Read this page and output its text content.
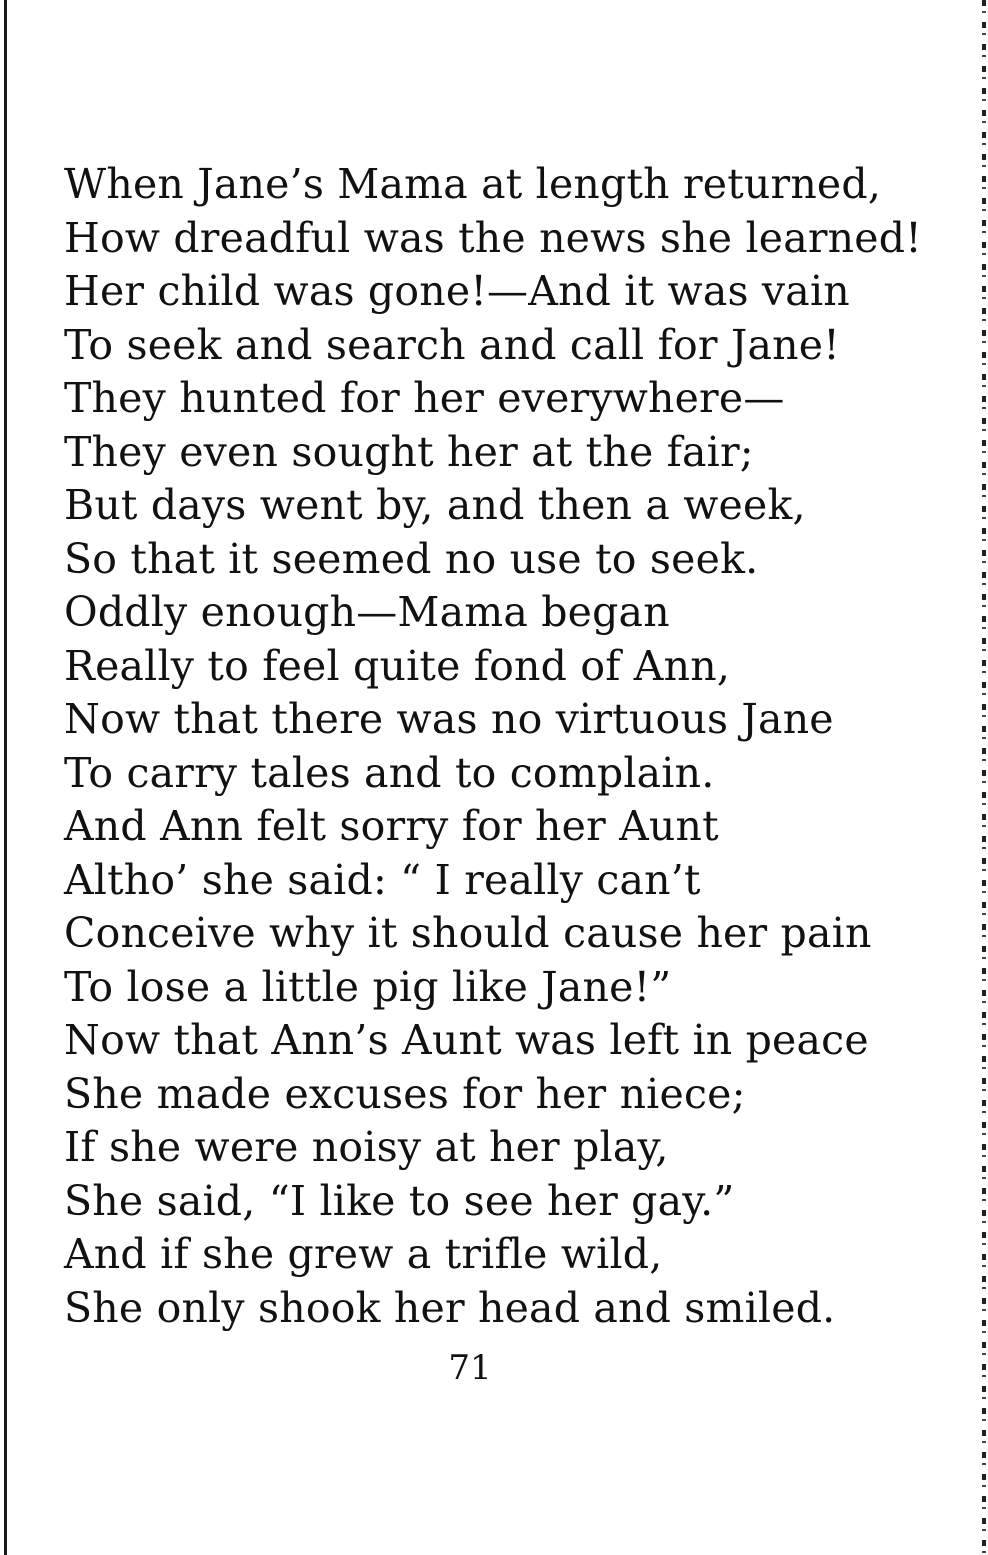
When Jane’s Mama at length returned,
How dreadful was the news she learned!
Her child was gone!—And it was vain
To seek and search and call for Jane!
They hunted for her everywhere—
They even sought her at the fair;
But days went by, and then a week,
So that it seemed no use to seek.
Oddly enough—Mama began
Really to feel quite fond of Ann,
Now that there was no virtuous Jane
To carry tales and to complain.
And Ann felt sorry for her Aunt
Altho’ she said: “ I really can’t
Conceive why it should cause her pain
To lose a little pig like Jane!”
Now that Ann’s Aunt was left in peace
She made excuses for her niece;
If she were noisy at her play,
She said, “I like to see her gay.”
And if she grew a trifle wild,
She only shook her head and smiled.
71
